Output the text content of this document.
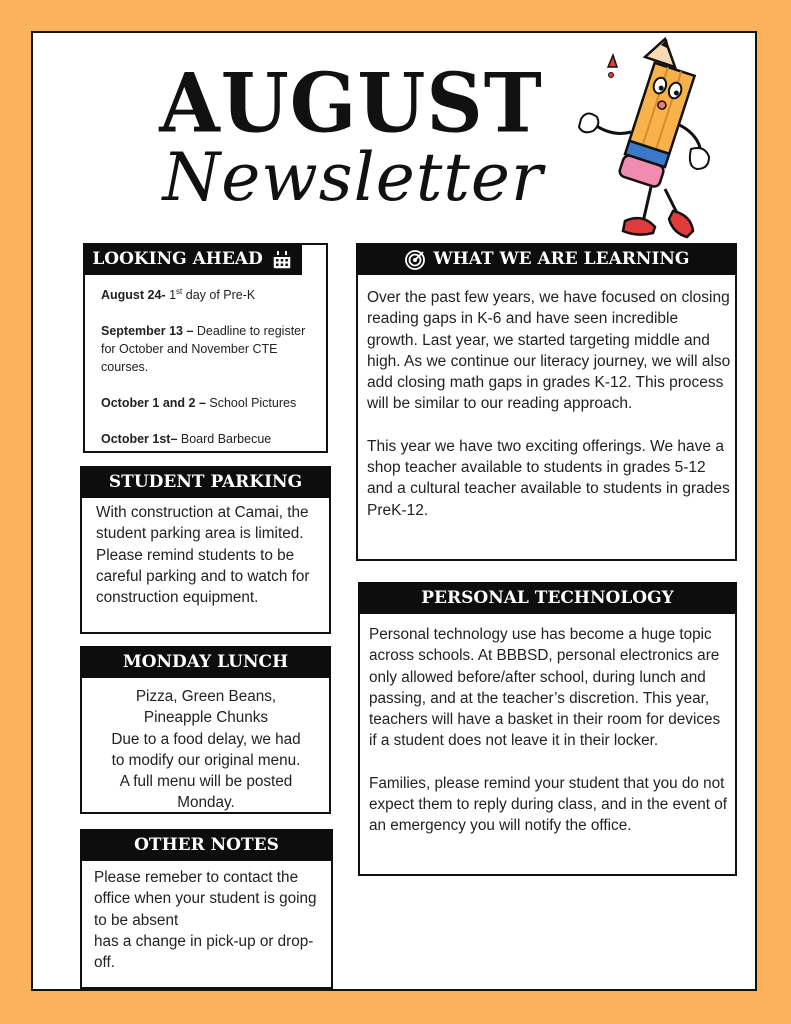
AUGUST
Newsletter

August 24- 1st day of Pre-K

September 13 – Deadline to register for October and November CTE courses.

October 1 and 2 – School Pictures

October 1st– Board Barbecue

LOOKING AHEAD
With construction at Camai, the student parking area is limited. Please remind students to be careful parking and to watch for construction equipment.
STUDENT PARKING
Pizza, Green Beans,
Pineapple Chunks
Due to a food delay, we had
to modify our original menu.
A full menu will be posted
Monday.
MONDAY LUNCH
Please remeber to contact the office when your student is going to be absent
has a change in pick-up or drop-off.
OTHER NOTES

Over the past few years, we have focused on closing reading gaps in K-6 and have seen incredible growth. Last year, we started targeting middle and high. As we continue our literacy journey, we will also add closing math gaps in grades K-12. This process will be similar to our reading approach.

This year we have two exciting offerings. We have a shop teacher available to students in grades 5-12 and a cultural teacher available to students in grades PreK-12.

WHAT WE ARE LEARNING

Personal technology use has become a huge topic across schools. At BBBSD, personal electronics are only allowed before/after school, during lunch and passing, and at the teacher’s discretion. This year, teachers will have a basket in their room for devices if a student does not leave it in their locker.

Families, please remind your student that you do not expect them to reply during class, and in the event of an emergency you will notify the office.

PERSONAL TECHNOLOGY
